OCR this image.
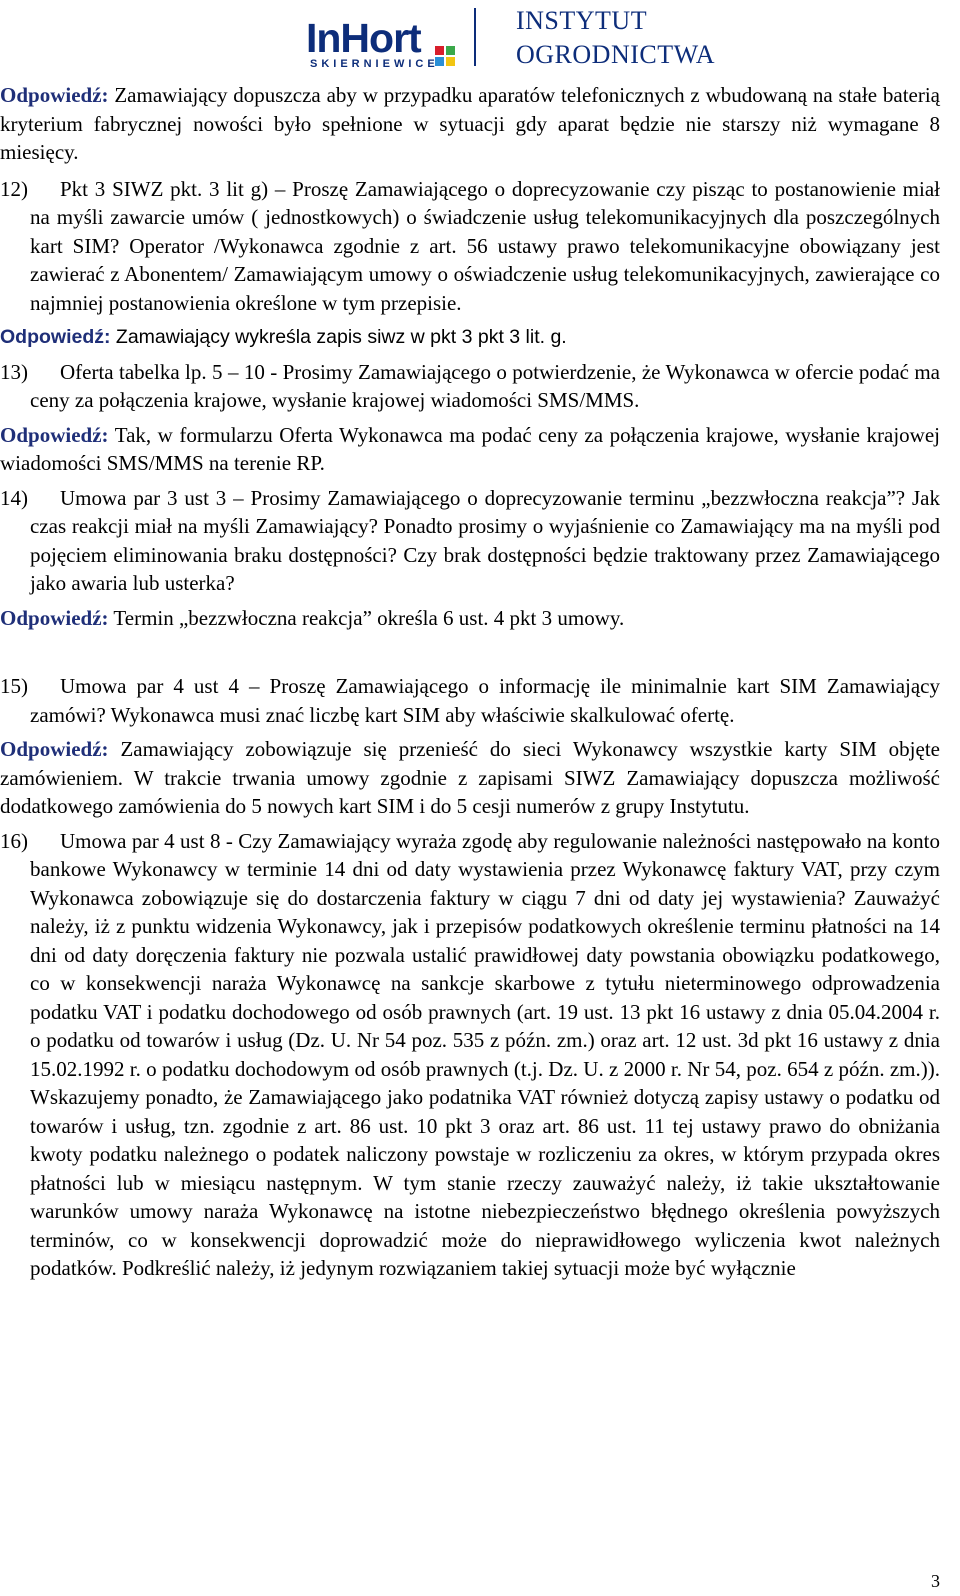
InHort
SKIERNIEWICE
INSTYTUT
OGRODNICTWA

Odpowiedź: Zamawiający dopuszcza aby w przypadku aparatów telefonicznych z wbudowaną na stałe baterią kryterium fabrycznej nowości było spełnione w sytuacji gdy aparat będzie nie starszy niż wymagane 8 miesięcy.

12) Pkt 3 SIWZ pkt. 3 lit g) – Proszę Zamawiającego o doprecyzowanie czy pisząc to postanowienie miał na myśli zawarcie umów ( jednostkowych) o świadczenie usług telekomunikacyjnych dla poszczególnych kart SIM? Operator /Wykonawca zgodnie z art. 56 ustawy prawo telekomunikacyjne obowiązany jest zawierać z Abonentem/ Zamawiającym umowy o oświadczenie usług telekomunikacyjnych, zawierające co najmniej postanowienia określone w tym przepisie.

Odpowiedź: Zamawiający wykreśla zapis siwz w pkt 3 pkt 3 lit. g.

13) Oferta tabelka lp. 5 – 10 - Prosimy Zamawiającego o potwierdzenie, że Wykonawca w ofercie podać ma ceny za połączenia krajowe, wysłanie krajowej wiadomości SMS/MMS.

Odpowiedź: Tak, w formularzu Oferta Wykonawca ma podać ceny za połączenia krajowe, wysłanie krajowej wiadomości SMS/MMS na terenie RP.

14) Umowa par 3 ust 3 – Prosimy Zamawiającego o doprecyzowanie terminu „bezzwłoczna reakcja”? Jak czas reakcji miał na myśli Zamawiający? Ponadto prosimy o wyjaśnienie co Zamawiający ma na myśli pod pojęciem eliminowania braku dostępności? Czy brak dostępności będzie traktowany przez Zamawiającego jako awaria lub usterka?

Odpowiedź: Termin „bezzwłoczna reakcja” określa 6 ust. 4 pkt 3 umowy.

15) Umowa par 4 ust 4 – Proszę Zamawiającego o informację ile minimalnie kart SIM Zamawiający zamówi? Wykonawca musi znać liczbę kart SIM aby właściwie skalkulować ofertę.

Odpowiedź: Zamawiający zobowiązuje się przenieść do sieci Wykonawcy wszystkie karty SIM objęte zamówieniem. W trakcie trwania umowy zgodnie z zapisami SIWZ Zamawiający dopuszcza możliwość dodatkowego zamówienia do 5 nowych kart SIM i do 5 cesji numerów z grupy Instytutu.

16) Umowa par 4 ust 8 - Czy Zamawiający wyraża zgodę aby regulowanie należności następowało na konto bankowe Wykonawcy w terminie 14 dni od daty wystawienia przez Wykonawcę faktury VAT, przy czym Wykonawca zobowiązuje się do dostarczenia faktury w ciągu 7 dni od daty jej wystawienia? Zauważyć należy, iż z punktu widzenia Wykonawcy, jak i przepisów podatkowych określenie terminu płatności na 14 dni od daty doręczenia faktury nie pozwala ustalić prawidłowej daty powstania obowiązku podatkowego, co w konsekwencji naraża Wykonawcę na sankcje skarbowe z tytułu nieterminowego odprowadzenia podatku VAT i podatku dochodowego od osób prawnych (art. 19 ust. 13 pkt 16 ustawy z dnia 05.04.2004 r. o podatku od towarów i usług (Dz. U. Nr 54 poz. 535 z późn. zm.) oraz art. 12 ust. 3d pkt 16 ustawy z dnia 15.02.1992 r. o podatku dochodowym od osób prawnych (t.j. Dz. U. z 2000 r. Nr 54, poz. 654 z późn. zm.)). Wskazujemy ponadto, że Zamawiającego jako podatnika VAT również dotyczą zapisy ustawy o podatku od towarów i usług, tzn. zgodnie z art. 86 ust. 10 pkt 3 oraz art. 86 ust. 11 tej ustawy prawo do obniżania kwoty podatku należnego o podatek naliczony powstaje w rozliczeniu za okres, w którym przypada okres płatności lub w miesiącu następnym. W tym stanie rzeczy zauważyć należy, iż takie ukształtowanie warunków umowy naraża Wykonawcę na istotne niebezpieczeństwo błędnego określenia powyższych terminów, co w konsekwencji doprowadzić może do nieprawidłowego wyliczenia kwot należnych podatków. Podkreślić należy, iż jedynym rozwiązaniem takiej sytuacji może być wyłącznie

3
